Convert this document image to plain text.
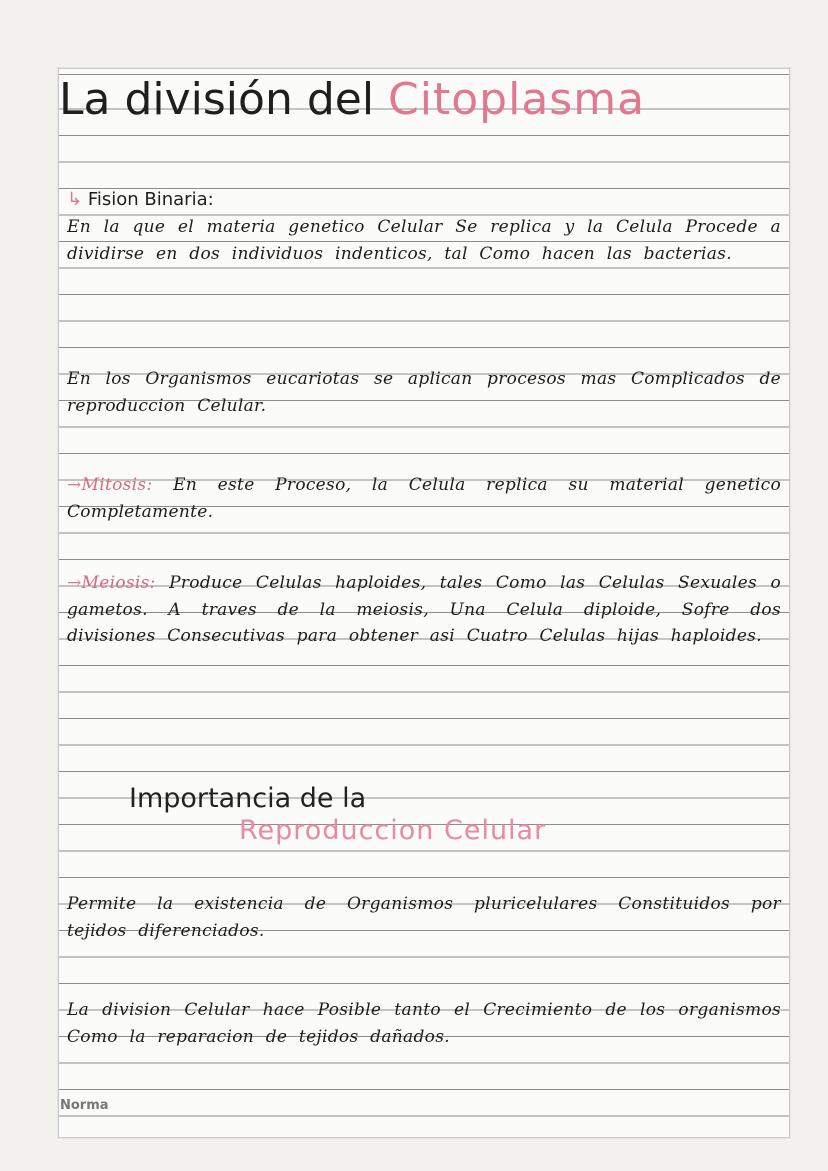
La división del Citoplasma
↳ Fision Binaria:

En la que el materia genetico Celular Se replica y la Celula Procede a dividirse en dos individuos indenticos, tal Como hacen las bacterias.

En los Organismos eucariotas se aplican procesos mas Complicados de reproduccion Celular.

→Mitosis: En este Proceso, la Celula replica su material genetico Completamente.

→Meiosis: Produce Celulas haploides, tales Como las Celulas Sexuales o gametos. A traves de la meiosis, Una Celula diploide, Sofre dos divisiones Consecutivas para obtener asi Cuatro Celulas hijas haploides.

Importancia de la
Reproduccion Celular

Permite la existencia de Organismos pluricelulares Constituidos por tejidos diferenciados.

La division Celular hace Posible tanto el Crecimiento de los organismos Como la reparacion de tejidos dañados.

Norma
